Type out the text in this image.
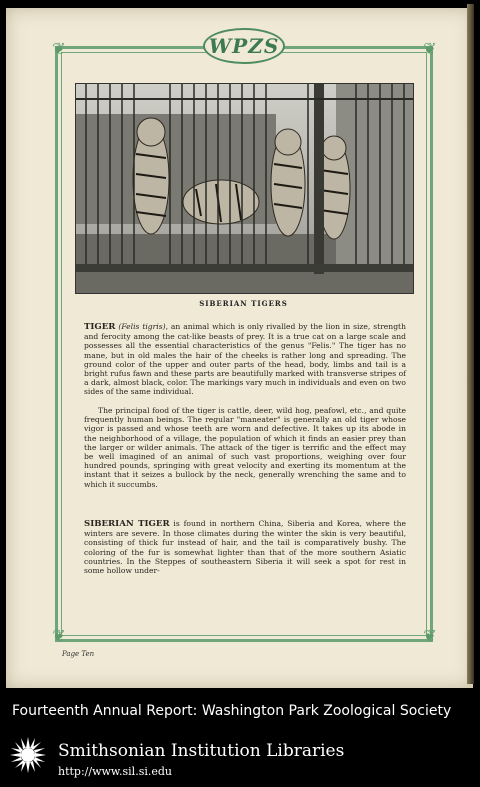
❦	❦
❦	❦
WPZS
SIBERIAN TIGERS
TIGER (Felis tigris), an animal which is only rivalled by the lion in size, strength and ferocity among the cat-like beasts of prey. It is a true cat on a large scale and possesses all the essential characteristics of the genus "Felis." The tiger has no mane, but in old males the hair of the cheeks is rather long and spreading. The ground color of the upper and outer parts of the head, body, limbs and tail is a bright rufus fawn and these parts are beautifully marked with transverse stripes of a dark, almost black, color. The markings vary much in individuals and even on two sides of the same individual.
The principal food of the tiger is cattle, deer, wild hog, peafowl, etc., and quite frequently human beings. The regular "maneater" is generally an old tiger whose vigor is passed and whose teeth are worn and defective. It takes up its abode in the neighborhood of a village, the population of which it finds an easier prey than the larger or wilder animals. The attack of the tiger is terrific and the effect may be well imagined of an animal of such vast proportions, weighing over four hundred pounds, springing with great velocity and exerting its momentum at the instant that it seizes a bullock by the neck, generally wrenching the same and to which it succumbs.
SIBERIAN TIGER is found in northern China, Siberia and Korea, where the winters are severe. In those climates during the winter the skin is very beautiful, consisting of thick fur instead of hair, and the tail is comparatively bushy. The coloring of the fur is somewhat lighter than that of the more southern Asiatic countries. In the Steppes of southeastern Siberia it will seek a spot for rest in some hollow under-
Page Ten
Fourteenth Annual Report: Washington Park Zoological Society
Smithsonian Institution Libraries
http://www.sil.si.edu
